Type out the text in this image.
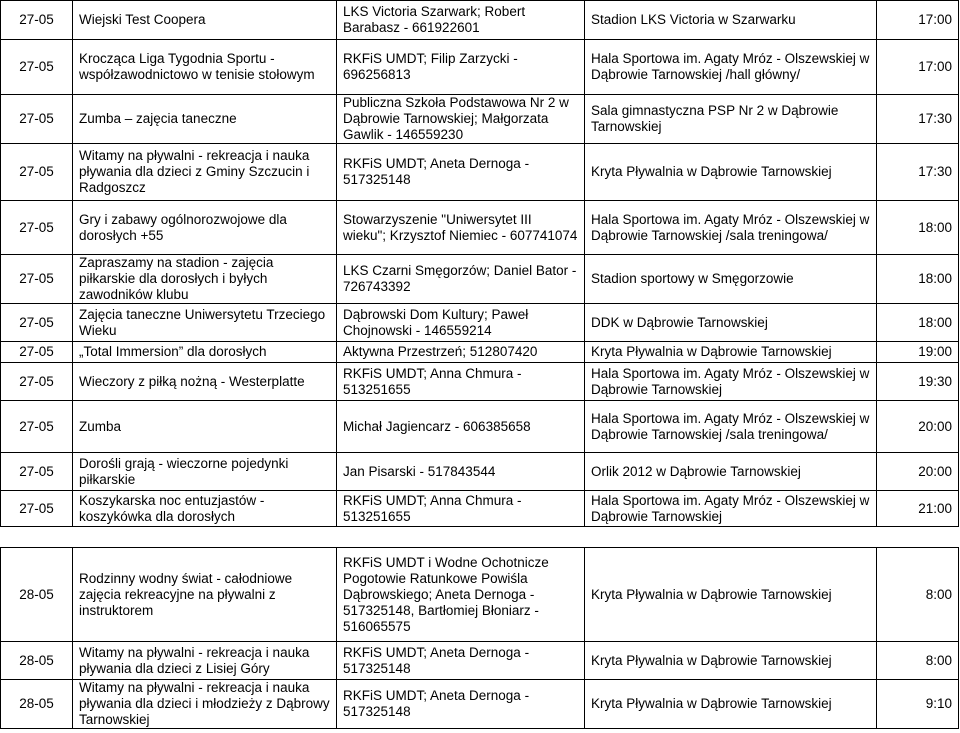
27-05	Wiejski Test Coopera	LKS Victoria Szarwark; Robert Barabasz - 661922601	Stadion LKS Victoria w Szarwarku	17:00
27-05	Krocząca Liga Tygodnia Sportu - współzawodnictowo w tenisie stołowym	RKFiS UMDT; Filip Zarzycki - 696256813	Hala Sportowa im. Agaty Mróz - Olszewskiej w Dąbrowie Tarnowskiej /hall główny/	17:00
27-05	Zumba – zajęcia taneczne	Publiczna Szkoła Podstawowa Nr 2 w Dąbrowie Tarnowskiej; Małgorzata Gawlik - 146559230	Sala gimnastyczna PSP Nr 2 w Dąbrowie Tarnowskiej	17:30
27-05	Witamy na pływalni - rekreacja i nauka pływania dla dzieci z Gminy Szczucin i Radgoszcz	RKFiS UMDT; Aneta Dernoga - 517325148	Kryta Pływalnia w Dąbrowie Tarnowskiej	17:30
27-05	Gry i zabawy ogólnorozwojowe dla dorosłych +55	Stowarzyszenie "Uniwersytet III wieku"; Krzysztof Niemiec - 607741074	Hala Sportowa im. Agaty Mróz - Olszewskiej w Dąbrowie Tarnowskiej /sala treningowa/	18:00
27-05	Zapraszamy na stadion - zajęcia piłkarskie dla dorosłych i byłych zawodników klubu	LKS Czarni Smęgorzów; Daniel Bator - 726743392	Stadion sportowy w Smęgorzowie	18:00
27-05	Zajęcia taneczne Uniwersytetu Trzeciego Wieku	Dąbrowski Dom Kultury; Paweł Chojnowski - 146559214	DDK w Dąbrowie Tarnowskiej	18:00
27-05	„Total Immersion” dla dorosłych	Aktywna Przestrzeń; 512807420	Kryta Pływalnia w Dąbrowie Tarnowskiej	19:00
27-05	Wieczory z piłką nożną - Westerplatte	RKFiS UMDT; Anna Chmura - 513251655	Hala Sportowa im. Agaty Mróz - Olszewskiej w Dąbrowie Tarnowskiej	19:30
27-05	Zumba	Michał Jagiencarz - 606385658	Hala Sportowa im. Agaty Mróz - Olszewskiej w Dąbrowie Tarnowskiej /sala treningowa/	20:00
27-05	Dorośli grają - wieczorne pojedynki piłkarskie	Jan Pisarski - 517843544	Orlik 2012 w Dąbrowie Tarnowskiej	20:00
27-05	Koszykarska noc entuzjastów - koszykówka dla dorosłych	RKFiS UMDT; Anna Chmura - 513251655	Hala Sportowa im. Agaty Mróz - Olszewskiej w Dąbrowie Tarnowskiej	21:00
28-05	Rodzinny wodny świat - całodniowe zajęcia rekreacyjne na pływalni z instruktorem	RKFiS UMDT i Wodne Ochotnicze Pogotowie Ratunkowe Powiśla Dąbrowskiego; Aneta Dernoga - 517325148, Bartłomiej Błoniarz - 516065575	Kryta Pływalnia w Dąbrowie Tarnowskiej	8:00
28-05	Witamy na pływalni - rekreacja i nauka pływania dla dzieci z Lisiej Góry	RKFiS UMDT; Aneta Dernoga - 517325148	Kryta Pływalnia w Dąbrowie Tarnowskiej	8:00
28-05	Witamy na pływalni - rekreacja i nauka pływania dla dzieci i młodzieży z Dąbrowy Tarnowskiej	RKFiS UMDT; Aneta Dernoga - 517325148	Kryta Pływalnia w Dąbrowie Tarnowskiej	9:10
